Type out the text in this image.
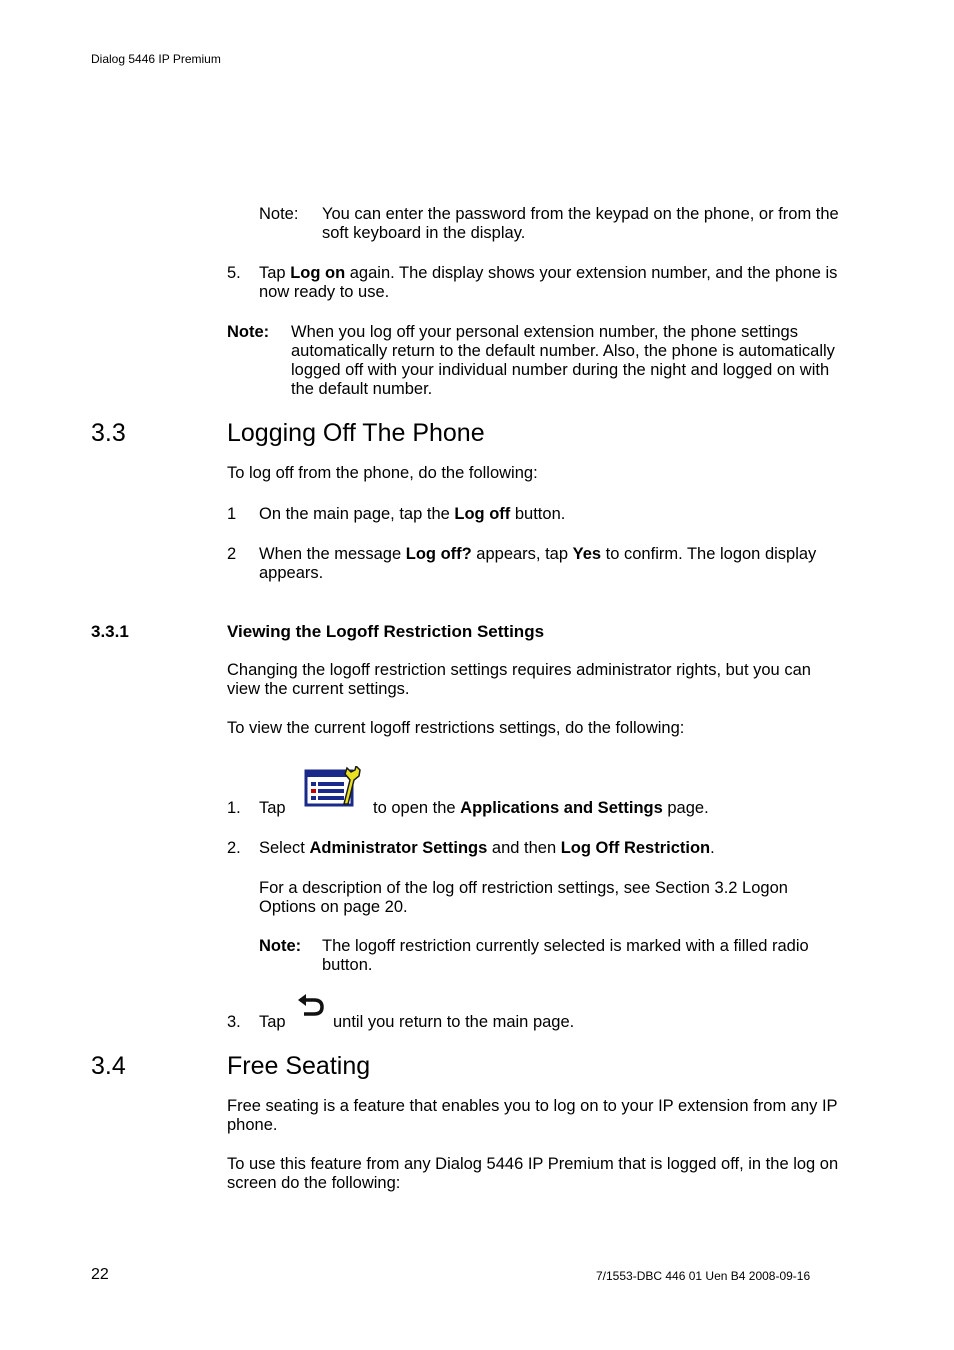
Dialog 5446 IP Premium
Note: You can enter the password from the keypad on the phone, or from the soft keyboard in the display.
5. Tap Log on again. The display shows your extension number, and the phone is now ready to use.
Note: When you log off your personal extension number, the phone settings automatically return to the default number. Also, the phone is automatically logged off with your individual number during the night and logged on with the default number.
3.3	Logging Off The Phone
To log off from the phone, do the following:
1 On the main page, tap the Log off button.
2 When the message Log off? appears, tap Yes to confirm. The logon display appears.
3.3.1	Viewing the Logoff Restriction Settings
Changing the logoff restriction settings requires administrator rights, but you can view the current settings.
To view the current logoff restrictions settings, do the following:
1. Tap	to open the Applications and Settings page.
2. Select Administrator Settings and then Log Off Restriction.
For a description of the log off restriction settings, see Section 3.2 Logon Options on page 20.
Note: The logoff restriction currently selected is marked with a filled radio button.
3. Tap	until you return to the main page.
3.4	Free Seating
Free seating is a feature that enables you to log on to your IP extension from any IP phone.
To use this feature from any Dialog 5446 IP Premium that is logged off, in the log on screen do the following:
22	7/1553-DBC 446 01 Uen B4 2008-09-16
